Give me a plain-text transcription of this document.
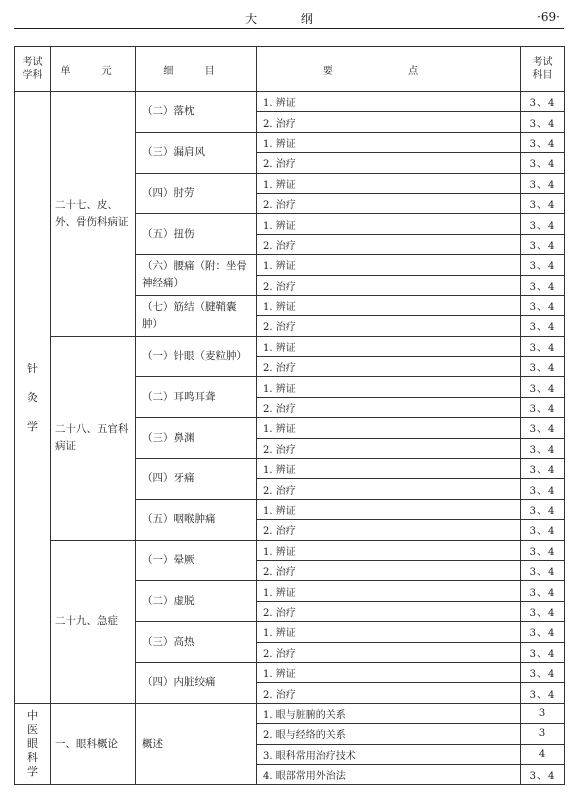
大 纲	·69·
考试学科	单 元	细 目	要 点	考试科目

针灸学	二十七、皮、外、骨伤科病证	（二）落枕	1. 辨证	3、4
			2. 治疗	3、4
		（三）漏肩风	1. 辨证	3、4
			2. 治疗	3、4
		（四）肘劳	1. 辨证	3、4
			2. 治疗	3、4
		（五）扭伤	1. 辨证	3、4
			2. 治疗	3、4
		（六）腰痛（附：坐骨神经痛）	1. 辨证	3、4
			2. 治疗	3、4
		（七）筋结（腱鞘囊肿）	1. 辨证	3、4
			2. 治疗	3、4
	二十八、五官科病证	（一）针眼（麦粒肿）	1. 辨证	3、4
			2. 治疗	3、4
		（二）耳鸣耳聋	1. 辨证	3、4
			2. 治疗	3、4
		（三）鼻渊	1. 辨证	3、4
			2. 治疗	3、4
		（四）牙痛	1. 辨证	3、4
			2. 治疗	3、4
		（五）咽喉肿痛	1. 辨证	3、4
			2. 治疗	3、4
	二十九、急症	（一）晕厥	1. 辨证	3、4
			2. 治疗	3、4
		（二）虚脱	1. 辨证	3、4
			2. 治疗	3、4
		（三）高热	1. 辨证	3、4
			2. 治疗	3、4
		（四）内脏绞痛	1. 辨证	3、4
			2. 治疗	3、4
中医眼科学	一、眼科概论	概述	1. 眼与脏腑的关系	3
			2. 眼与经络的关系	3
			3. 眼科常用治疗技术	4
			4. 眼部常用外治法	3、4
